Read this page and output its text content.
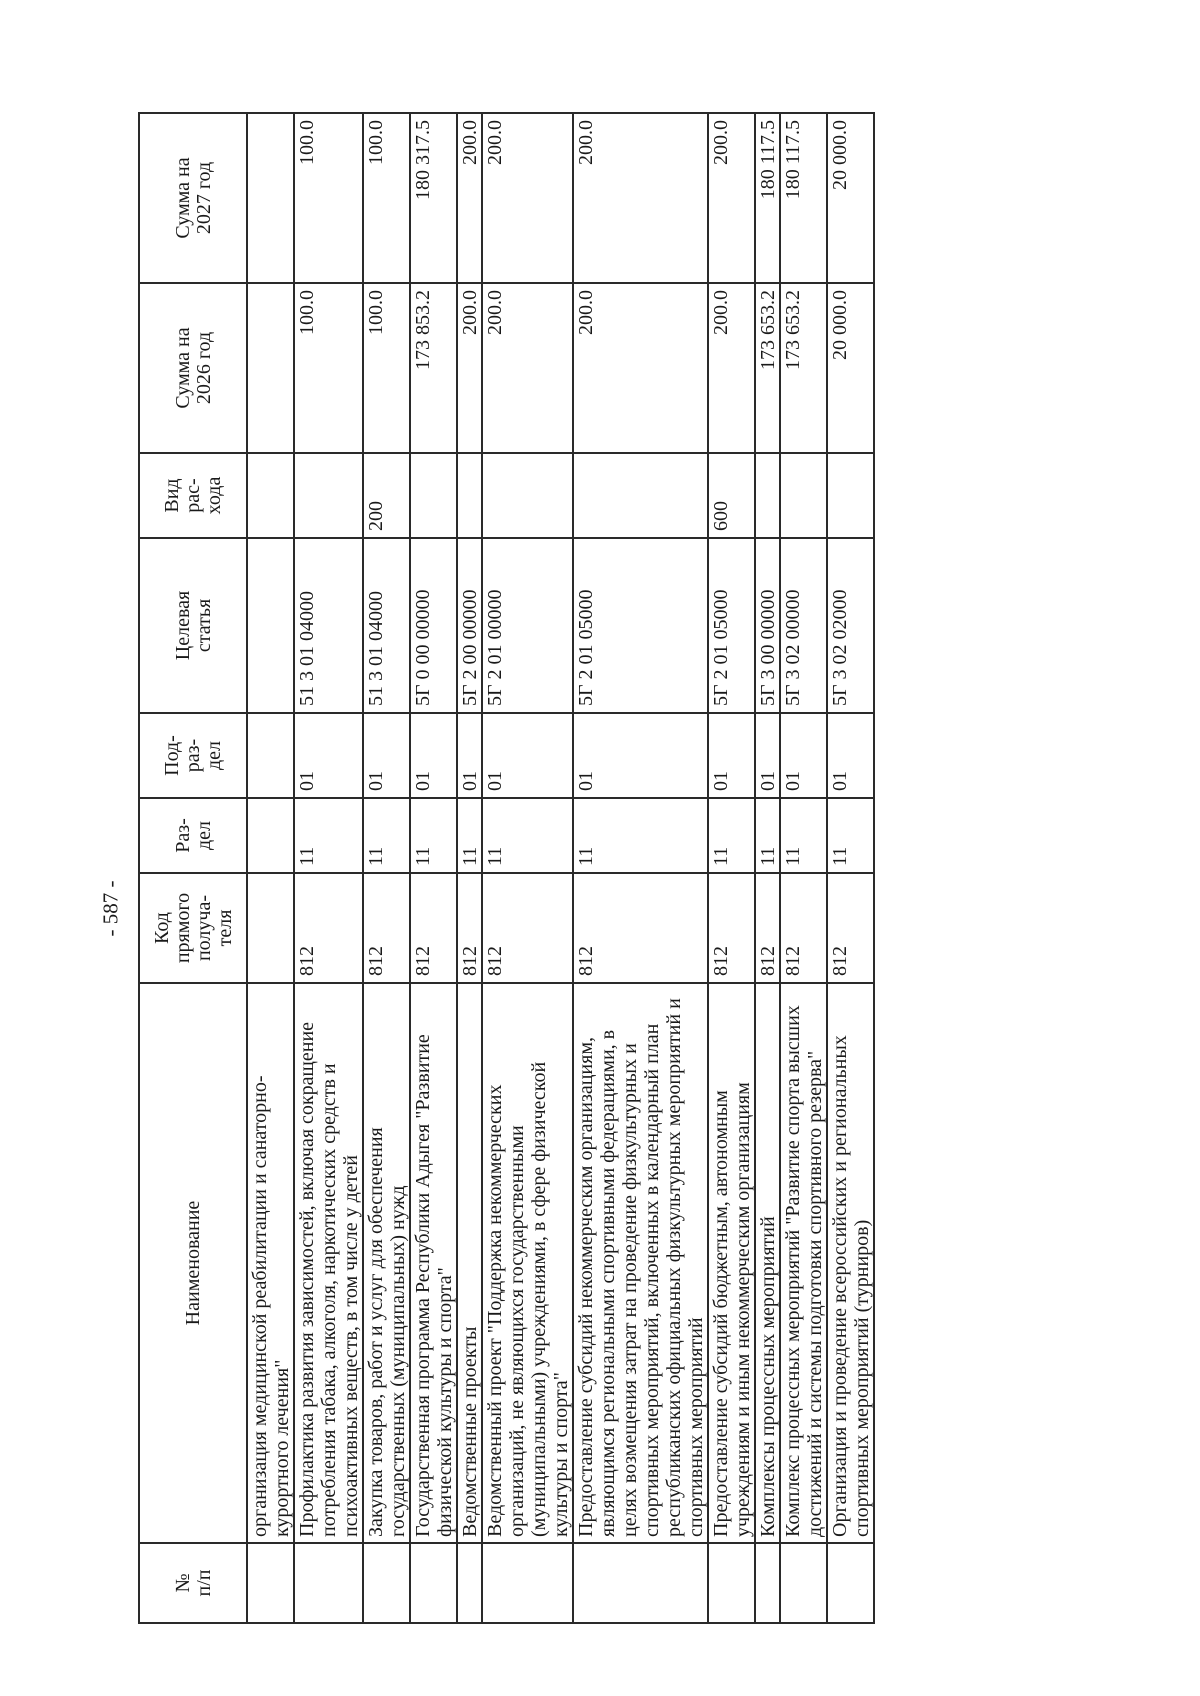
- 587 -
№
п/п	Наименование	Код
прямого
получа-
теля	Раз-
дел	Под-
раз-
дел	Целевая
статья	Вид
рас-
хода	Сумма на
2026 год	Сумма на
2027 год

	организация медицинской реабилитации и санаторно-курортного лечения"							
	Профилактика развития зависимостей, включая сокращение потребления табака, алкоголя, наркотических средств и психоактивных веществ, в том числе у детей	812	11	01	51 3 01 04000		100.0	100.0
	Закупка товаров, работ и услуг для обеспечения государственных (муниципальных) нужд	812	11	01	51 3 01 04000	200	100.0	100.0
	Государственная программа Республики Адыгея "Развитие физической культуры и спорта"	812	11	01	5Г 0 00 00000		173 853.2	180 317.5
	Ведомственные проекты	812	11	01	5Г 2 00 00000		200.0	200.0
	Ведомственный проект "Поддержка некоммерческих организаций, не являющихся государственными (муниципальными) учреждениями, в сфере физической культуры и спорта"	812	11	01	5Г 2 01 00000		200.0	200.0
	Предоставление субсидий некоммерческим организациям, являющимся региональными спортивными федерациями, в целях возмещения затрат на проведение физкультурных и спортивных мероприятий, включенных в календарный план республиканских официальных физкультурных мероприятий и спортивных мероприятий	812	11	01	5Г 2 01 05000		200.0	200.0
	Предоставление субсидий бюджетным, автономным учреждениям и иным некоммерческим организациям	812	11	01	5Г 2 01 05000	600	200.0	200.0
	Комплексы процессных мероприятий	812	11	01	5Г 3 00 00000		173 653.2	180 117.5
	Комплекс процессных мероприятий "Развитие спорта высших достижений и системы подготовки спортивного резерва"	812	11	01	5Г 3 02 00000		173 653.2	180 117.5
	Организация и проведение всероссийских и региональных спортивных мероприятий (турниров)	812	11	01	5Г 3 02 02000		20 000.0	20 000.0
